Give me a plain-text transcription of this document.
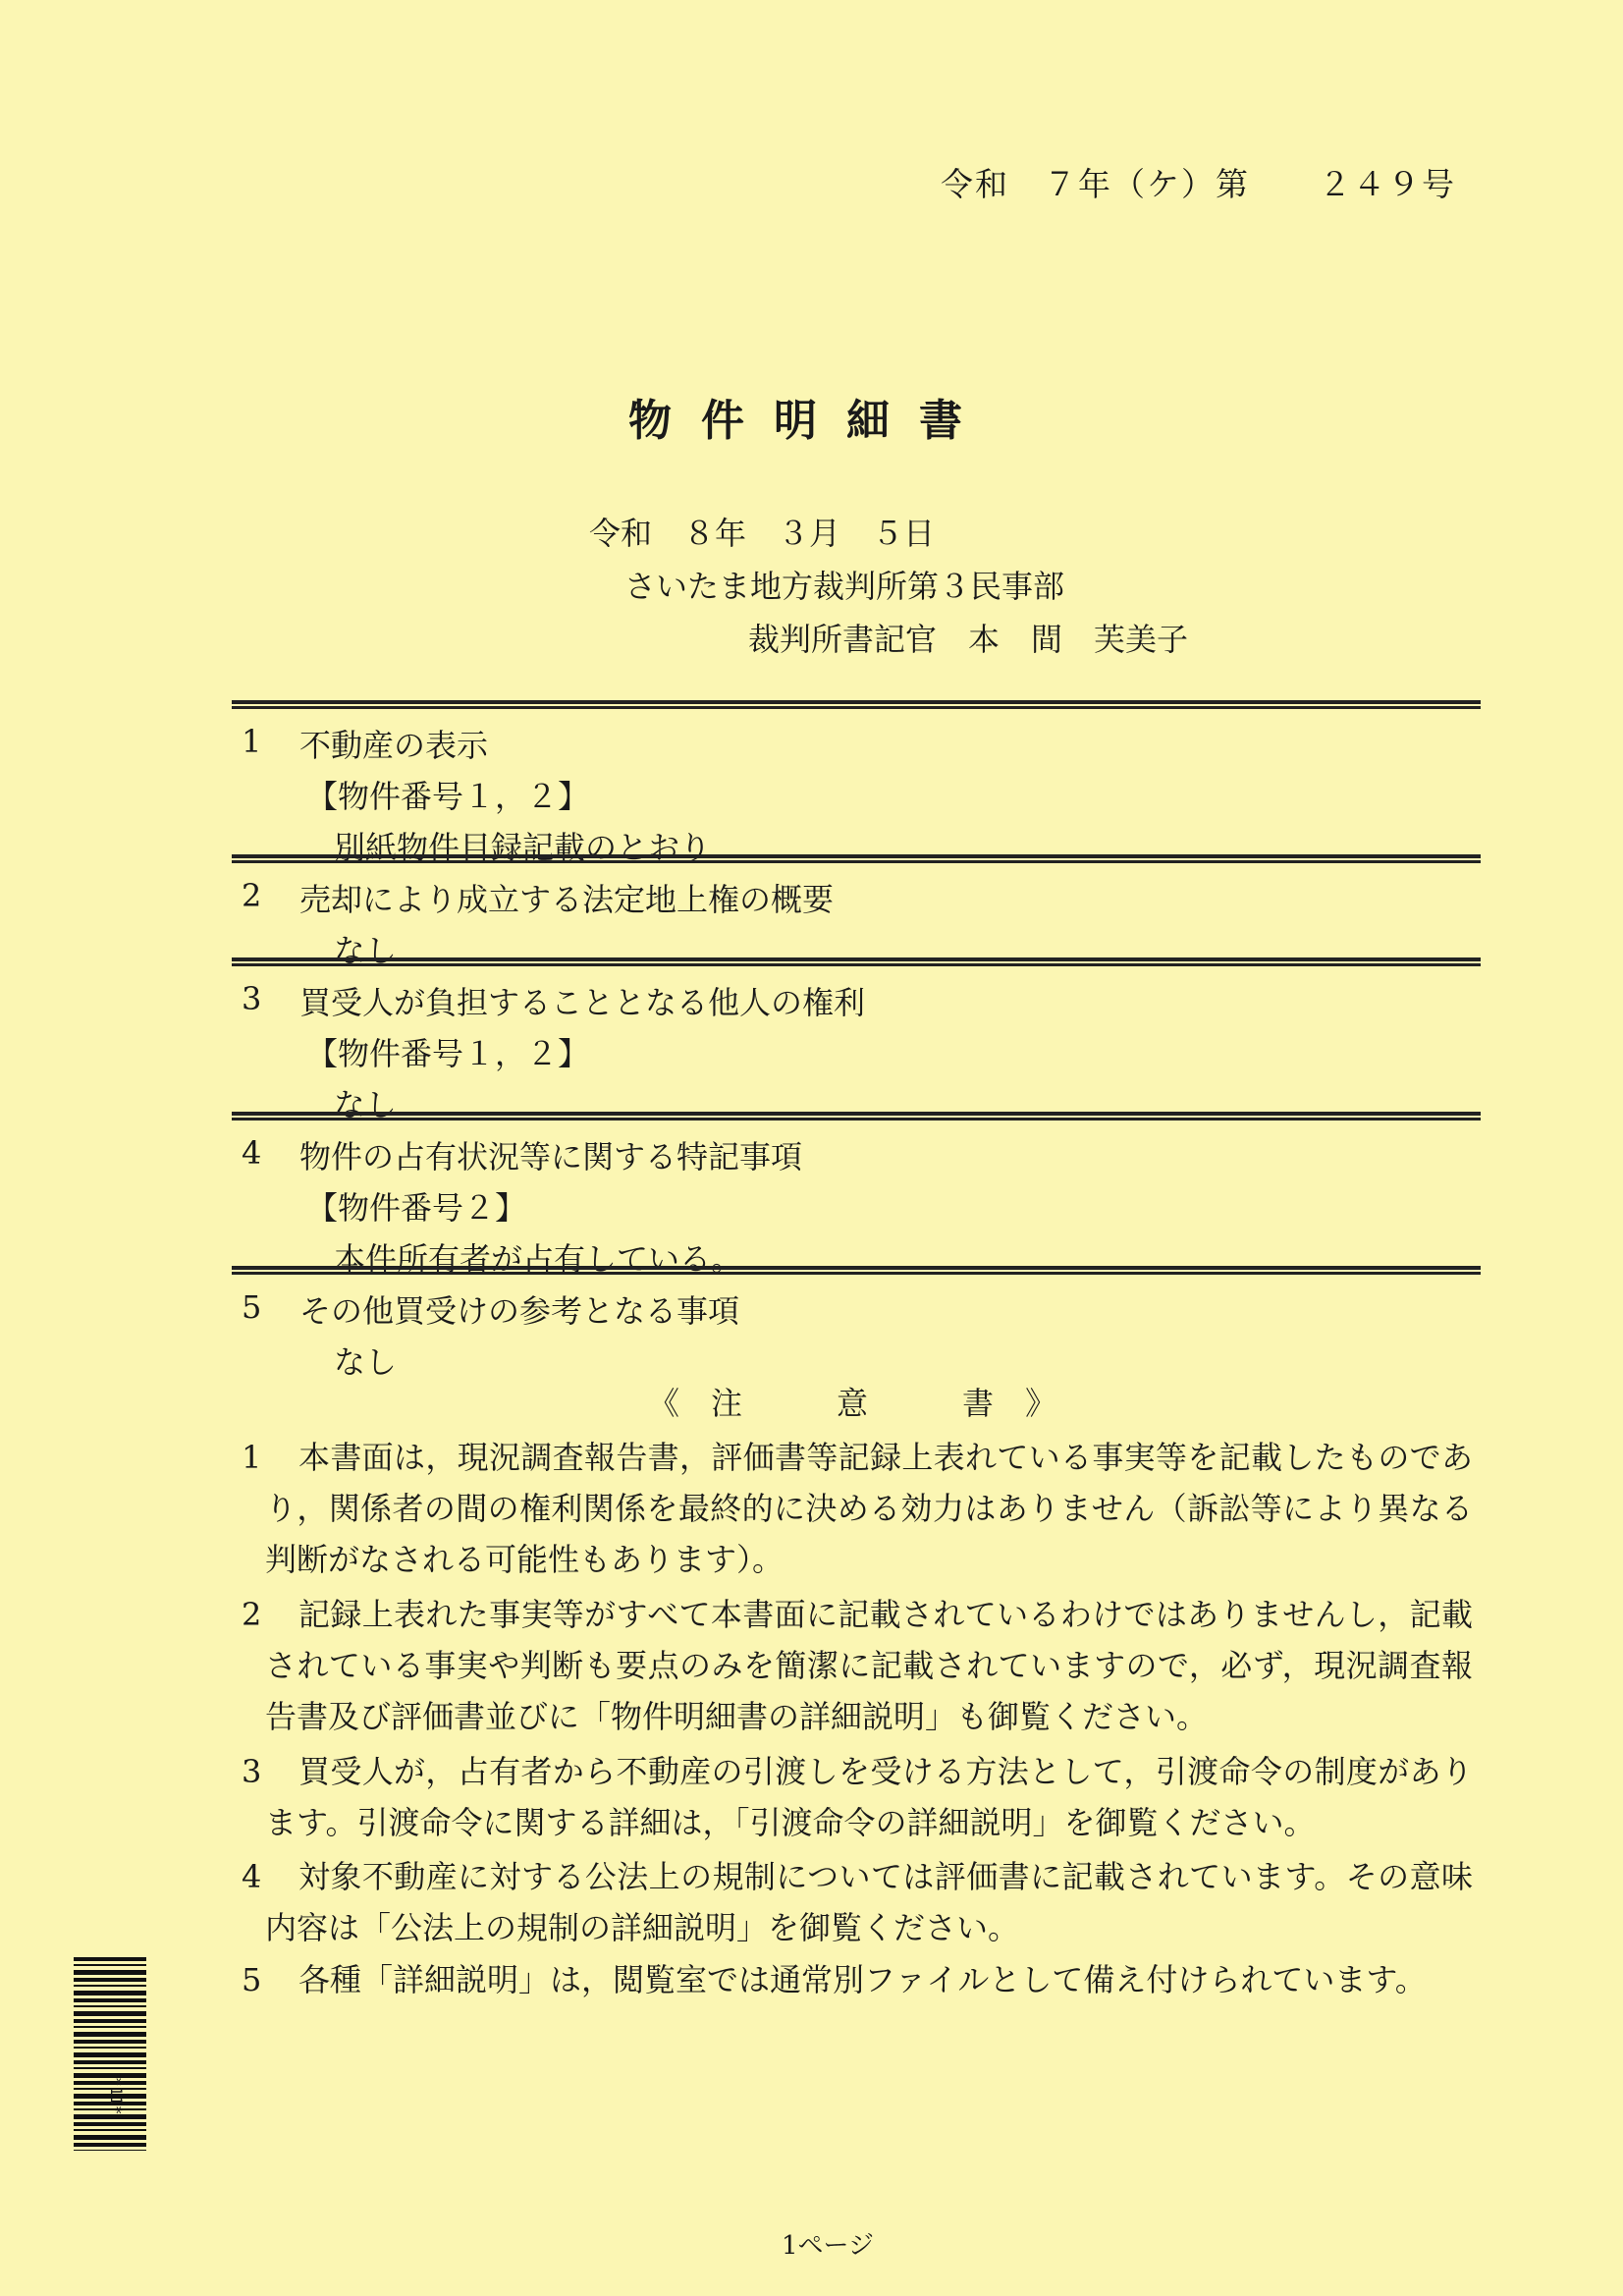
令和　７年（ケ）第　　２４９号
物件明細書
令和　８年　３月　５日
さいたま地方裁判所第３民事部
裁判所書記官　本　間　芙美子
1 不動産の表示
【物件番号１，２】
別紙物件目録記載のとおり
2 売却により成立する法定地上権の概要
なし
3 買受人が負担することとなる他人の権利
【物件番号１，２】
なし
4 物件の占有状況等に関する特記事項
【物件番号２】
本件所有者が占有している。
5 その他買受けの参考となる事項
なし
《　注　　　意　　　書　》
1	本書面は，現況調査報告書，評価書等記録上表れている事実等を記載したものであり，関係者の間の権利関係を最終的に決める効力はありません（訴訟等により異なる判断がなされる可能性もあります）。
2	記録上表れた事実等がすべて本書面に記載されているわけではありませんし，記載されている事実や判断も要点のみを簡潔に記載されていますので，必ず，現況調査報告書及び評価書並びに「物件明細書の詳細説明」も御覧ください。
3	買受人が，占有者から不動産の引渡しを受ける方法として，引渡命令の制度があります。引渡命令に関する詳細は，「引渡命令の詳細説明」を御覧ください。
4	対象不動産に対する公法上の規制については評価書に記載されています。その意味内容は「公法上の規制の詳細説明」を御覧ください。
5	各種「詳細説明」は，閲覧室では通常別ファイルとして備え付けられています。
*11*
1ページ
